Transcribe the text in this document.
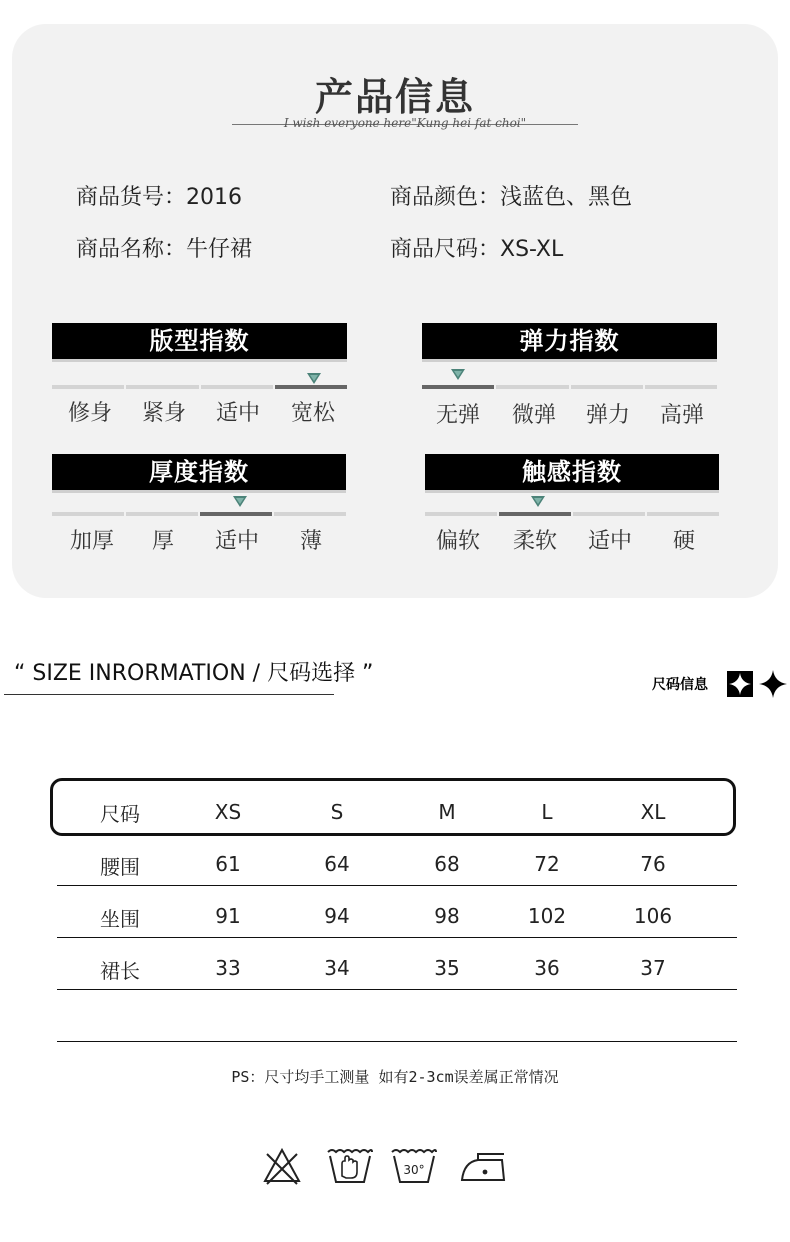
产品信息
I wish everyone here"Kung hei fat choi"
商品货号：2016	商品颜色：浅蓝色、黑色
商品名称：牛仔裙	商品尺码：XS-XL
版型指数
修身	紧身	适中	宽松
弹力指数
无弹	微弹	弹力	高弹
厚度指数
加厚	厚	适中	薄
触感指数
偏软	柔软	适中	硬
“ SIZE INRORMATION / 尺码选择 ”	尺码信息
尺码	XS	S	M	L	XL
腰围	61	64	68	72	76
坐围	91	94	98	102	106
裙长	33	34	35	36	37
PS：尺寸均手工测量 如有2-3cm误差属正常情况
30°
